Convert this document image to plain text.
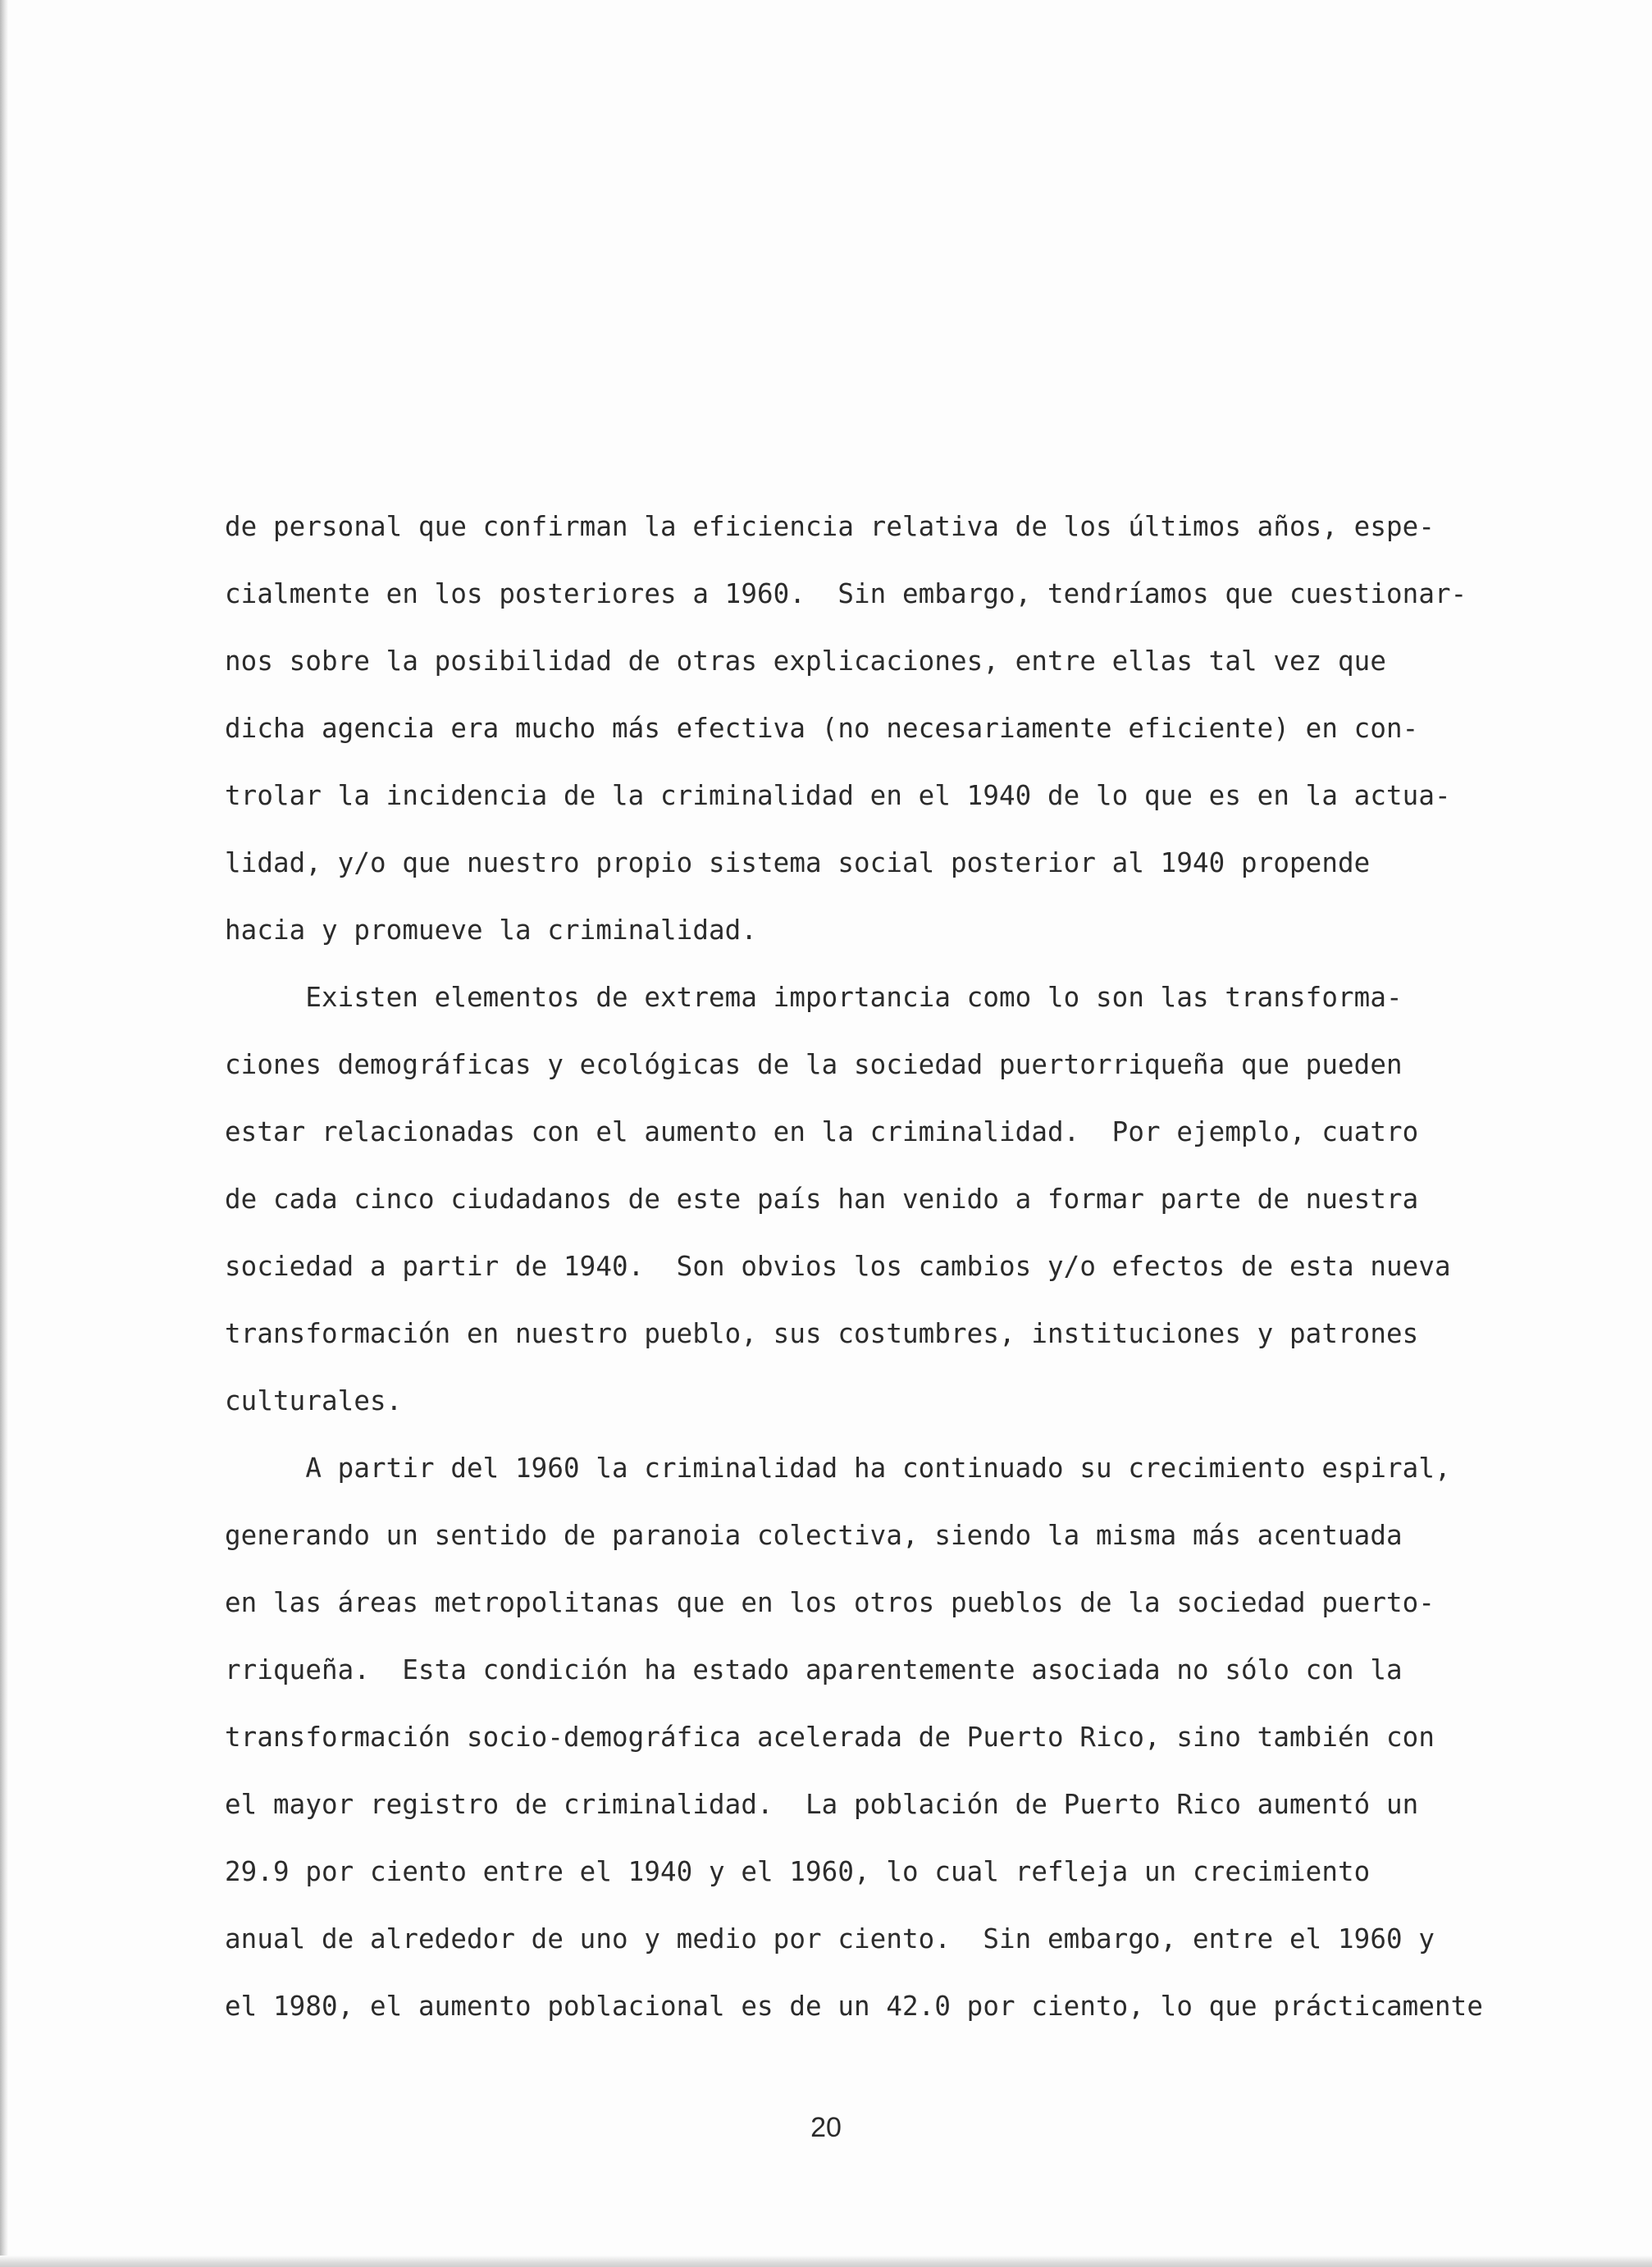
de personal que confirman la eficiencia relativa de los últimos años, espe-
cialmente en los posteriores a 1960.  Sin embargo, tendríamos que cuestionar-
nos sobre la posibilidad de otras explicaciones, entre ellas tal vez que
dicha agencia era mucho más efectiva (no necesariamente eficiente) en con-
trolar la incidencia de la criminalidad en el 1940 de lo que es en la actua-
lidad, y/o que nuestro propio sistema social posterior al 1940 propende
hacia y promueve la criminalidad.
Existen elementos de extrema importancia como lo son las transforma-
ciones demográficas y ecológicas de la sociedad puertorriqueña que pueden
estar relacionadas con el aumento en la criminalidad.  Por ejemplo, cuatro
de cada cinco ciudadanos de este país han venido a formar parte de nuestra
sociedad a partir de 1940.  Son obvios los cambios y/o efectos de esta nueva
transformación en nuestro pueblo, sus costumbres, instituciones y patrones
culturales.
A partir del 1960 la criminalidad ha continuado su crecimiento espiral,
generando un sentido de paranoia colectiva, siendo la misma más acentuada
en las áreas metropolitanas que en los otros pueblos de la sociedad puerto-
rriqueña.  Esta condición ha estado aparentemente asociada no sólo con la
transformación socio-demográfica acelerada de Puerto Rico, sino también con
el mayor registro de criminalidad.  La población de Puerto Rico aumentó un
29.9 por ciento entre el 1940 y el 1960, lo cual refleja un crecimiento
anual de alrededor de uno y medio por ciento.  Sin embargo, entre el 1960 y
el 1980, el aumento poblacional es de un 42.0 por ciento, lo que prácticamente
20
